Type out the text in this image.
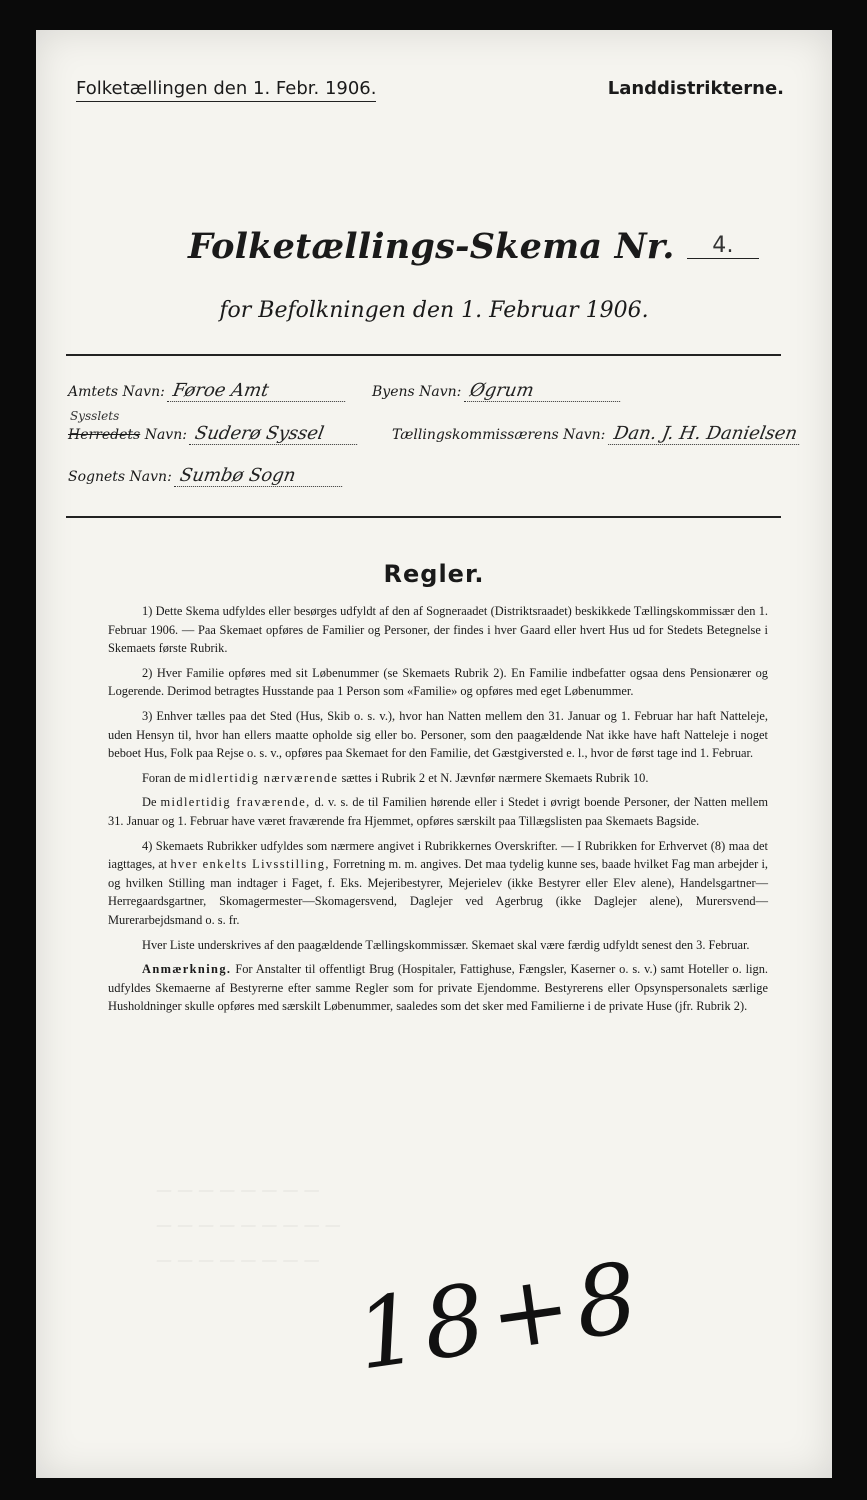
Folketællingen den 1. Febr. 1906.	Landdistrikterne.
Folketællings-Skema Nr. 4.
for Befolkningen den 1. Februar 1906.
Amtets Navn: Føroe Amt	Byens Navn: Øgrum
Sysslets
Herredets Navn: Suderø Syssel	Tællingskommissærens Navn: Dan. J. H. Danielsen
Sognets Navn: Sumbø Sogn
Regler.

1) Dette Skema udfyldes eller besørges udfyldt af den af Sogneraadet (Distriktsraadet) beskikkede Tællingskommissær den 1. Februar 1906. — Paa Skemaet opføres de Familier og Personer, der findes i hver Gaard eller hvert Hus ud for Stedets Betegnelse i Skemaets første Rubrik.

2) Hver Familie opføres med sit Løbenummer (se Skemaets Rubrik 2). En Familie indbefatter ogsaa dens Pensionærer og Logerende. Derimod betragtes Husstande paa 1 Person som «Familie» og opføres med eget Løbenummer.

3) Enhver tælles paa det Sted (Hus, Skib o. s. v.), hvor han Natten mellem den 31. Januar og 1. Februar har haft Natteleje, uden Hensyn til, hvor han ellers maatte opholde sig eller bo. Personer, som den paagældende Nat ikke have haft Natteleje i noget beboet Hus, Folk paa Rejse o. s. v., opføres paa Skemaet for den Familie, det Gæstgiversted e. l., hvor de først tage ind 1. Februar.

Foran de midlertidig nærværende sættes i Rubrik 2 et N. Jævnfør nærmere Skemaets Rubrik 10.

De midlertidig fraværende, d. v. s. de til Familien hørende eller i Stedet i øvrigt boende Personer, der Natten mellem 31. Januar og 1. Februar have været fraværende fra Hjemmet, opføres særskilt paa Tillægslisten paa Skemaets Bagside.

4) Skemaets Rubrikker udfyldes som nærmere angivet i Rubrikkernes Overskrifter. — I Rubrikken for Erhvervet (8) maa det iagttages, at hver enkelts Livsstilling, Forretning m. m. angives. Det maa tydelig kunne ses, baade hvilket Fag man arbejder i, og hvilken Stilling man indtager i Faget, f. Eks. Mejeribestyrer, Mejerielev (ikke Bestyrer eller Elev alene), Handelsgartner—Herregaardsgartner, Skomagermester—Skomagersvend, Daglejer ved Agerbrug (ikke Daglejer alene), Murersvend—Murerarbejdsmand o. s. fr.

Hver Liste underskrives af den paagældende Tællingskommissær. Skemaet skal være færdig udfyldt senest den 3. Februar.

Anmærkning. For Anstalter til offentligt Brug (Hospitaler, Fattighuse, Fængsler, Kaserner o. s. v.) samt Hoteller o. lign. udfyldes Skemaerne af Bestyrerne efter samme Regler som for private Ejendomme. Bestyrerens eller Opsynspersonalets særlige Husholdninger skulle opføres med særskilt Løbenummer, saaledes som det sker med Familierne i de private Huse (jfr. Rubrik 2).

— — — — — — — —
— — — — — — — — —
— — — — — — — — 18+8
